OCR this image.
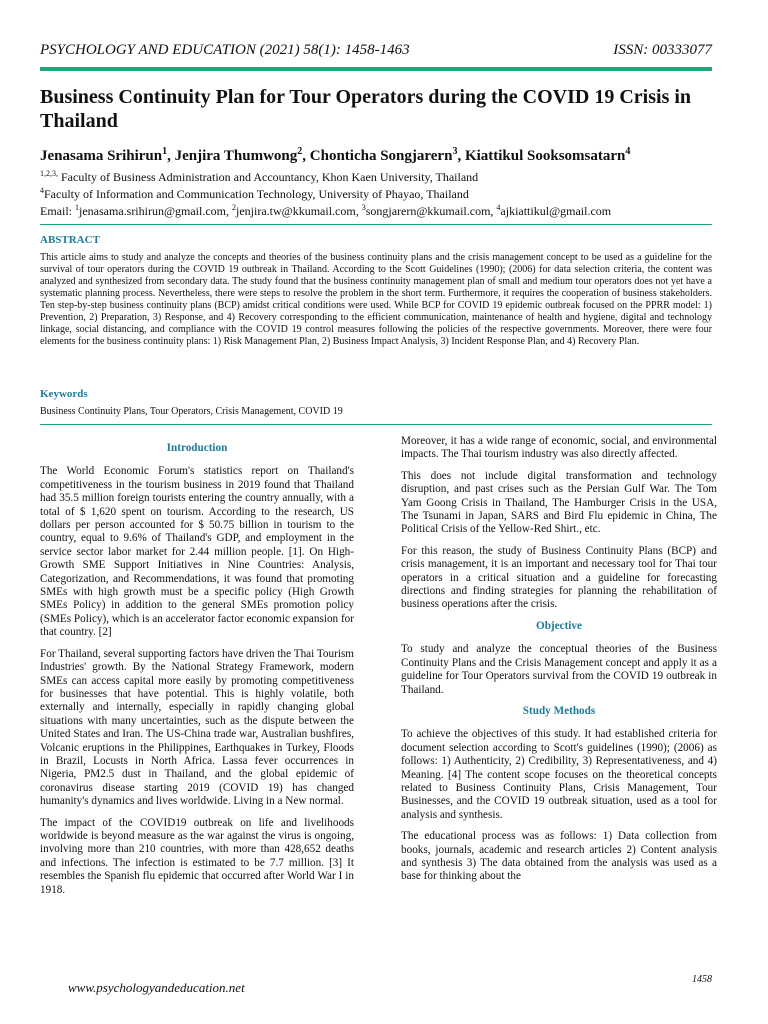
PSYCHOLOGY AND EDUCATION (2021) 58(1): 1458-1463	ISSN: 00333077
Business Continuity Plan for Tour Operators during the COVID 19 Crisis in Thailand
Jenasama Srihirun$^1$, Jenjira Thumwong$^2$, Chonticha Songjarern$^3$, Kiattikul Sooksomsatarn$^4$
$^{1,2,3,}$ Faculty of Business Administration and Accountancy, Khon Kaen University, Thailand
$^4$Faculty of Information and Communication Technology, University of Phayao, Thailand
Email: $^1$jenasama.srihirun@gmail.com, $^2$jenjira.tw@kkumail.com, $^3$songjarern@kkumail.com, $^4$ajkiattikul@gmail.com
ABSTRACT
This article aims to study and analyze the concepts and theories of the business continuity plans and the crisis management concept to be used as a guideline for the survival of tour operators during the COVID 19 outbreak in Thailand. According to the Scott Guidelines (1990); (2006) for data selection criteria, the content was analyzed and synthesized from secondary data. The study found that the business continuity management plan of small and medium tour operators does not yet have a systematic planning process. Nevertheless, there were steps to resolve the problem in the short term. Furthermore, it requires the cooperation of business stakeholders. Ten step-by-step business continuity plans (BCP) amidst critical conditions were used. While BCP for COVID 19 epidemic outbreak focused on the PPRR model: 1) Prevention, 2) Preparation, 3) Response, and 4) Recovery corresponding to the efficient communication, maintenance of health and hygiene, digital and technology linkage, social distancing, and compliance with the COVID 19 control measures following the policies of the respective governments. Moreover, there were four elements for the business continuity plans: 1) Risk Management Plan, 2) Business Impact Analysis, 3) Incident Response Plan, and 4) Recovery Plan.
Keywords
Business Continuity Plans, Tour Operators, Crisis Management, COVID 19
Introduction

The World Economic Forum's statistics report on Thailand's competitiveness in the tourism business in 2019 found that Thailand had 35.5 million foreign tourists entering the country annually, with a total of $ 1,620 spent on tourism. According to the research, US dollars per person accounted for $ 50.75 billion in tourism to the country, equal to 9.6% of Thailand's GDP, and employment in the service sector labor market for 2.44 million people. [1]. On High-Growth SME Support Initiatives in Nine Countries: Analysis, Categorization, and Recommendations, it was found that promoting SMEs with high growth must be a specific policy (High Growth SMEs Policy) in addition to the general SMEs promotion policy (SMEs Policy), which is an accelerator factor economic expansion for that country. [2]

For Thailand, several supporting factors have driven the Thai Tourism Industries' growth. By the National Strategy Framework, modern SMEs can access capital more easily by promoting competitiveness for businesses that have potential. This is highly volatile, both externally and internally, especially in rapidly changing global situations with many uncertainties, such as the dispute between the United States and Iran. The US-China trade war, Australian bushfires, Volcanic eruptions in the Philippines, Earthquakes in Turkey, Floods in Brazil, Locusts in North Africa. Lassa fever occurrences in Nigeria, PM2.5 dust in Thailand, and the global epidemic of coronavirus disease starting 2019 (COVID 19) has changed humanity's dynamics and lives worldwide. Living in a New normal.

The impact of the COVID19 outbreak on life and livelihoods worldwide is beyond measure as the war against the virus is ongoing, involving more than 210 countries, with more than 428,652 deaths and infections. The infection is estimated to be 7.7 million. [3] It resembles the Spanish flu epidemic that occurred after World War I in 1918.

Moreover, it has a wide range of economic, social, and environmental impacts. The Thai tourism industry was also directly affected.

This does not include digital transformation and technology disruption, and past crises such as the Persian Gulf War. The Tom Yam Goong Crisis in Thailand, The Hamburger Crisis in the USA, The Tsunami in Japan, SARS and Bird Flu epidemic in China, The Political Crisis of the Yellow-Red Shirt., etc.

For this reason, the study of Business Continuity Plans (BCP) and crisis management, it is an important and necessary tool for Thai tour operators in a critical situation and a guideline for forecasting directions and finding strategies for planning the rehabilitation of business operations after the crisis.

Objective

To study and analyze the conceptual theories of the Business Continuity Plans and the Crisis Management concept and apply it as a guideline for Tour Operators survival from the COVID 19 outbreak in Thailand.

Study Methods

To achieve the objectives of this study. It had established criteria for document selection according to Scott's guidelines (1990); (2006) as follows: 1) Authenticity, 2) Credibility, 3) Representativeness, and 4) Meaning. [4] The content scope focuses on the theoretical concepts related to Business Continuity Plans, Crisis Management, Tour Businesses, and the COVID 19 outbreak situation, used as a tool for analysis and synthesis.

The educational process was as follows: 1) Data collection from books, journals, academic and research articles 2) Content analysis and synthesis 3) The data obtained from the analysis was used as a base for thinking about the

1458
www.psychologyandeducation.net
